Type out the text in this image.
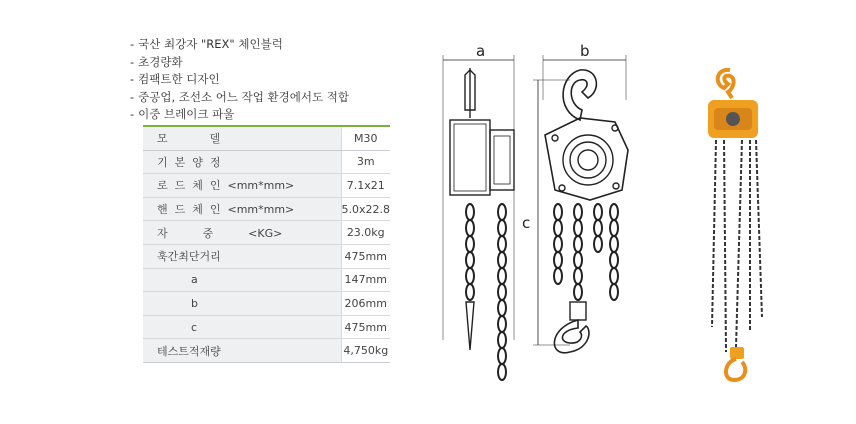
- 국산 최강자 "REX" 체인블럭
- 초경량화
- 컴팩트한 디자인
- 중공업, 조선소 어느 작업 환경에서도 적합
- 이중 브레이크 파울
모            델	M30
기  본  양  정	3m
로  드  체  인  <mm*mm>	7.1x21
핸  드  체  인  <mm*mm>	5.0x22.8
자          중          <KG>	23.0kg
훅간최단거리	475mm
a	147mm
b	206mm
c	475mm
테스트적재량	4,750kg
a	b
c
